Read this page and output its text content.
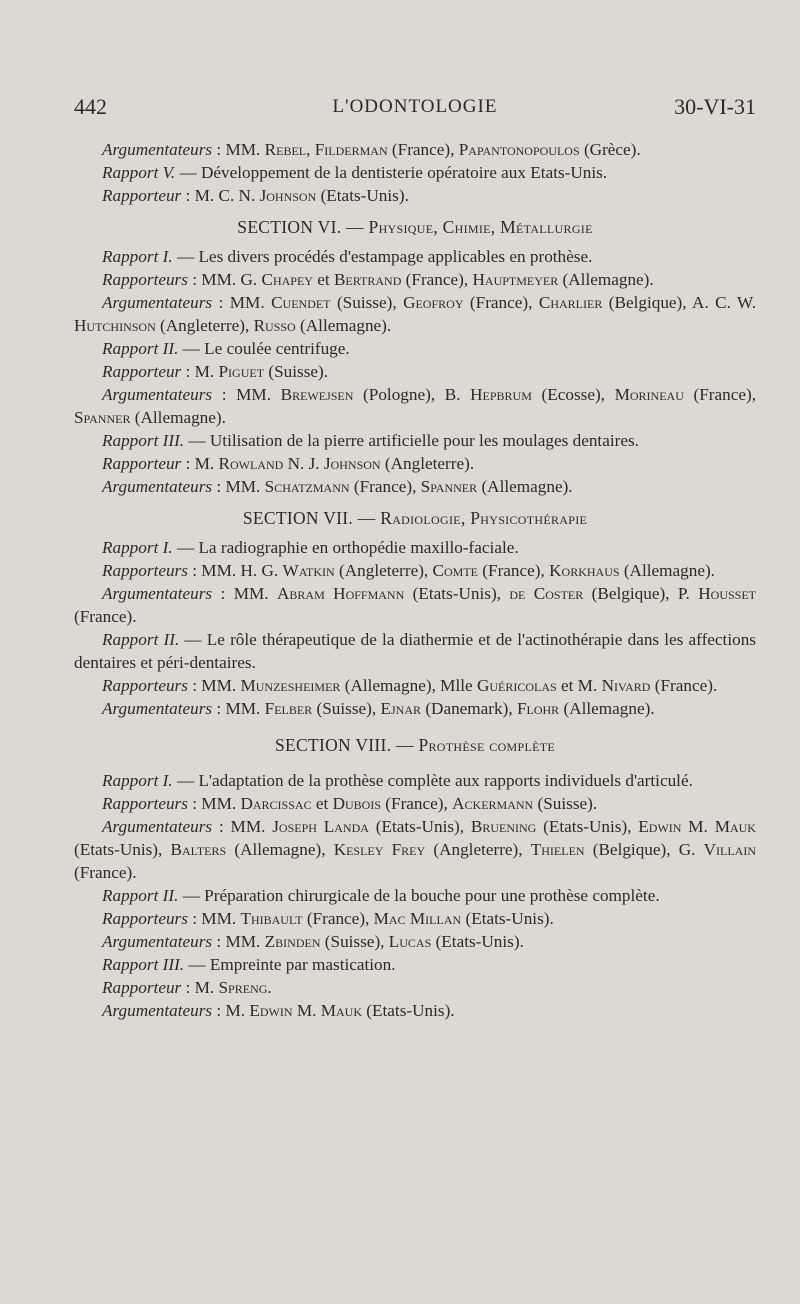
442	L'ODONTOLOGIE	30-VI-31
Argumentateurs : MM. Rebel, Filderman (France), Papantonopoulos (Grèce).
Rapport V. — Développement de la dentisterie opératoire aux Etats-Unis.
Rapporteur : M. C. N. Johnson (Etats-Unis).
SECTION VI. — Physique, Chimie, Métallurgie
Rapport I. — Les divers procédés d'estampage applicables en prothèse.
Rapporteurs : MM. G. Chapey et Bertrand (France), Hauptmeyer (Allemagne).
Argumentateurs : MM. Cuendet (Suisse), Geofroy (France), Charlier (Belgique), A. C. W. Hutchinson (Angleterre), Russo (Allemagne).
Rapport II. — Le coulée centrifuge.
Rapporteur : M. Piguet (Suisse).
Argumentateurs : MM. Brewejsen (Pologne), B. Hepbrum (Ecosse), Morineau (France), Spanner (Allemagne).
Rapport III. — Utilisation de la pierre artificielle pour les moulages dentaires.
Rapporteur : M. Rowland N. J. Johnson (Angleterre).
Argumentateurs : MM. Schatzmann (France), Spanner (Allemagne).
SECTION VII. — Radiologie, Physicothérapie
Rapport I. — La radiographie en orthopédie maxillo-faciale.
Rapporteurs : MM. H. G. Watkin (Angleterre), Comte (France), Korkhaus (Allemagne).
Argumentateurs : MM. Abram Hoffmann (Etats-Unis), de Coster (Belgique), P. Housset (France).
Rapport II. — Le rôle thérapeutique de la diathermie et de l'actinothérapie dans les affections dentaires et péri-dentaires.
Rapporteurs : MM. Munzesheimer (Allemagne), Mlle Guéricolas et M. Nivard (France).
Argumentateurs : MM. Felber (Suisse), Ejnar (Danemark), Flohr (Allemagne).
SECTION VIII. — Prothèse complète
Rapport I. — L'adaptation de la prothèse complète aux rapports individuels d'articulé.
Rapporteurs : MM. Darcissac et Dubois (France), Ackermann (Suisse).
Argumentateurs : MM. Joseph Landa (Etats-Unis), Bruening (Etats-Unis), Edwin M. Mauk (Etats-Unis), Balters (Allemagne), Kesley Frey (Angleterre), Thielen (Belgique), G. Villain (France).
Rapport II. — Préparation chirurgicale de la bouche pour une prothèse complète.
Rapporteurs : MM. Thibault (France), Mac Millan (Etats-Unis).
Argumentateurs : MM. Zbinden (Suisse), Lucas (Etats-Unis).
Rapport III. — Empreinte par mastication.
Rapporteur : M. Spreng.
Argumentateurs : M. Edwin M. Mauk (Etats-Unis).
